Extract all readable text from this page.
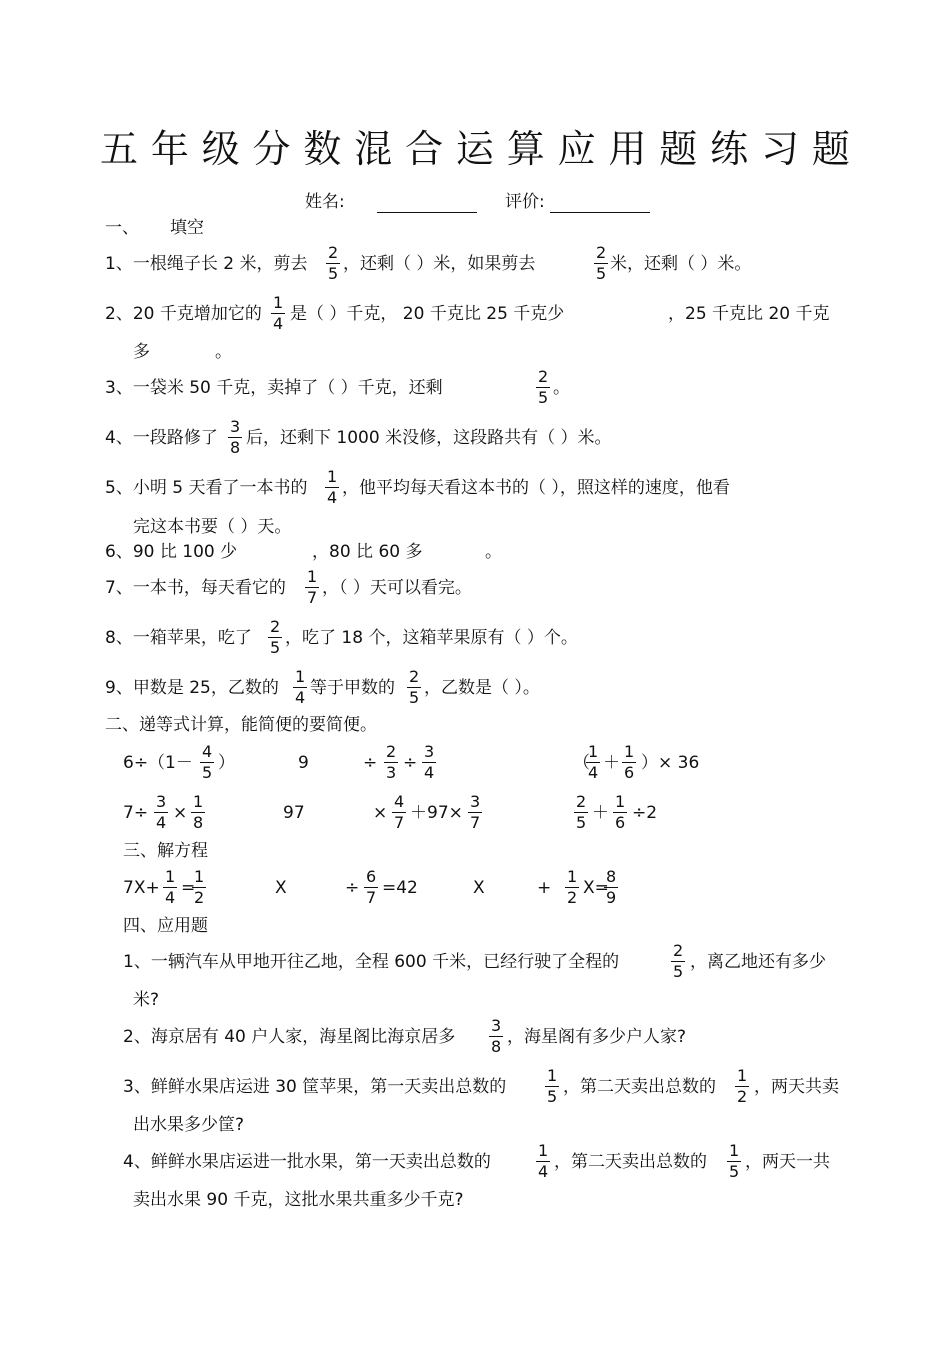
五 年 级 分 数 混 合 运 算 应 用 题 练 习 题
姓名:	评价:
一、 填空
1、一根绳子长 2 米，剪去
2
5 ，还剩（ ）米，如果剪去
2
5 米，还剩（ ）米。
2、20 千克增加它的
1
4 是（ ）千克， 20 千克比 25 千克少	，25 千克比 20 千克
多	。
3、一袋米 50 千克，卖掉了（ ）千克，还剩
2
5 。
4、一段路修了
3
8 后，还剩下 1000 米没修，这段路共有（ ）米。
5、小明 5 天看了一本书的
1
4 ，他平均每天看这本书的（ ），照这样的速度，他看
完这本书要（ ）天。
6、90 比 100 少	，80 比 60 多	。
7、一本书，每天看它的
1
7 ，（ ）天可以看完。
8、一箱苹果，吃了
2
5 ，吃了 18 个，这箱苹果原有（ ）个。
9、甲数是 25，乙数的
1
4 等于甲数的
2
5 ，乙数是（ ）。
二、递等式计算，能简便的要简便。
6÷（1－
4
5 ）	9	÷
2
3 ÷
3
4	（
1
4 ＋
1
6 ）× 36
7÷
3
4 ×
1
8	97	×
4
7 ＋97×
3
7
2
5 ＋
1
6 ÷2
三、解方程
7X+
1
4 =
1
2	X	÷
6
7 =42	X	+
1
2 X=
8
9
四、应用题
1、一辆汽车从甲地开往乙地，全程 600 千米，已经行驶了全程的
2
5 ，离乙地还有多少
米?
2、海京居有 40 户人家，海星阁比海京居多
3
8 ，海星阁有多少户人家?
3、鲜鲜水果店运进 30 筐苹果，第一天卖出总数的
1
5 ，第二天卖出总数的
1
2 ，两天共卖
出水果多少筐?
4、鲜鲜水果店运进一批水果，第一天卖出总数的
1
4 ，第二天卖出总数的
1
5 ，两天一共
卖出水果 90 千克，这批水果共重多少千克?
